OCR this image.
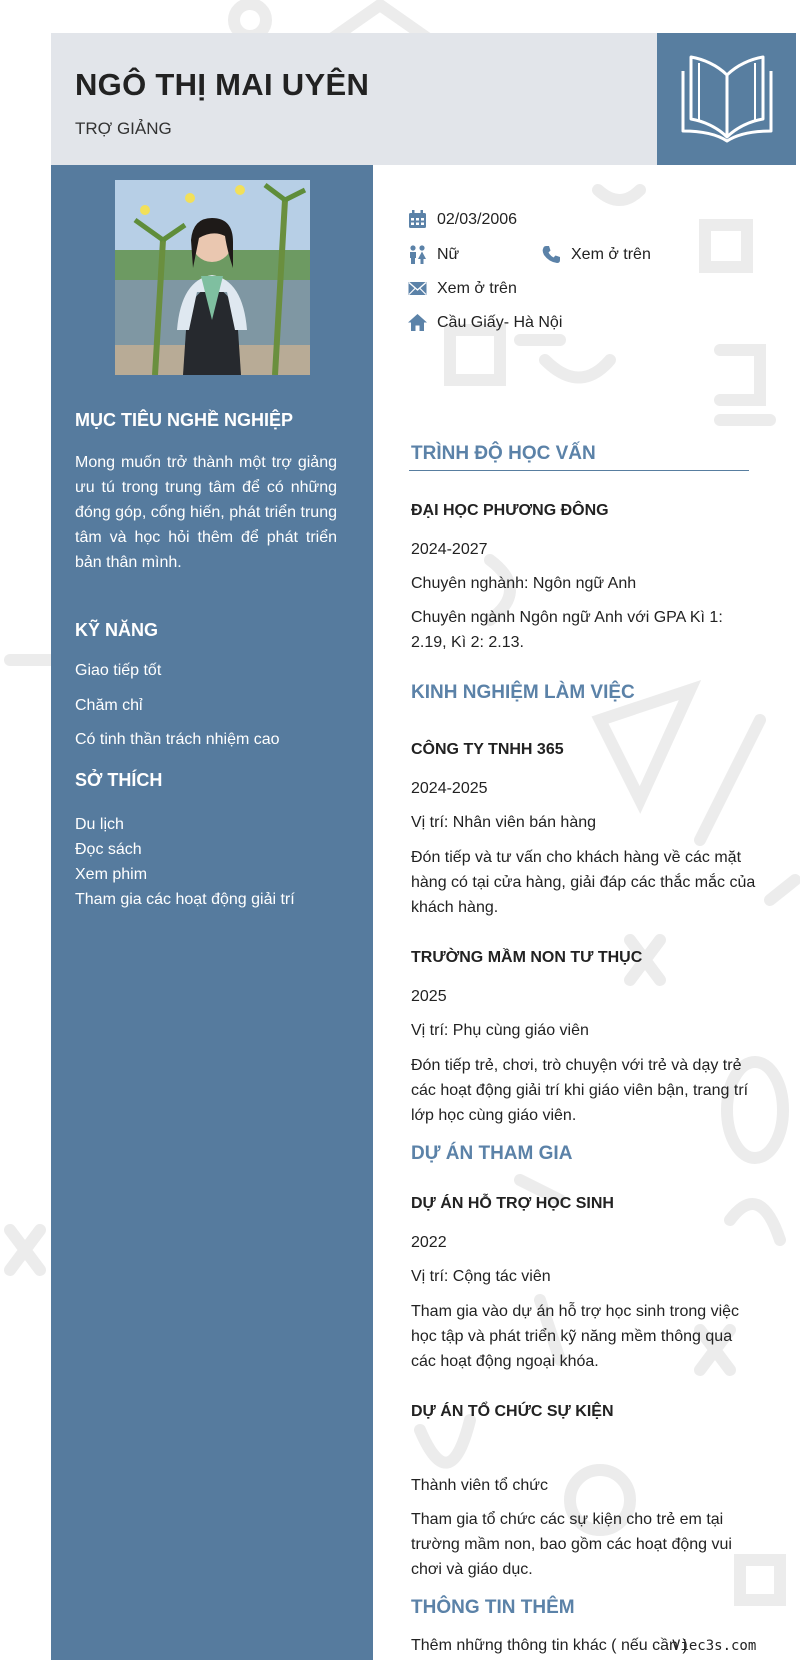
NGÔ THỊ MAI UYÊN
TRỢ GIẢNG
MỤC TIÊU NGHỀ NGHIỆP
Mong muốn trở thành một trợ giảng ưu tú trong trung tâm để có những đóng góp, cống hiến, phát triển trung tâm và học hỏi thêm để phát triển bản thân mình.
KỸ NĂNG
Giao tiếp tốt
Chăm chỉ
Có tinh thần trách nhiệm cao
SỞ THÍCH
Du lịch
Đọc sách
Xem phim
Tham gia các hoạt động giải trí
02/03/2006
Nữ	Xem ở trên
Xem ở trên
Cầu Giấy- Hà Nội
TRÌNH ĐỘ HỌC VẤN
ĐẠI HỌC PHƯƠNG ĐÔNG
2024-2027
Chuyên nghành: Ngôn ngữ Anh
Chuyên ngành Ngôn ngữ Anh với GPA Kì 1: 2.19, Kì 2: 2.13.
KINH NGHIỆM LÀM VIỆC
CÔNG TY TNHH 365
2024-2025
Vị trí: Nhân viên bán hàng
Đón tiếp và tư vấn cho khách hàng về các mặt hàng có tại cửa hàng, giải đáp các thắc mắc của khách hàng.
TRƯỜNG MẦM NON TƯ THỤC
2025
Vị trí: Phụ cùng giáo viên
Đón tiếp trẻ, chơi, trò chuyện với trẻ và dạy trẻ các hoạt động giải trí khi giáo viên bận, trang trí lớp học cùng giáo viên.
DỰ ÁN THAM GIA
DỰ ÁN HỖ TRỢ HỌC SINH
2022
Vị trí: Cộng tác viên
Tham gia vào dự án hỗ trợ học sinh trong việc học tập và phát triển kỹ năng mềm thông qua các hoạt động ngoại khóa.
DỰ ÁN TỔ CHỨC SỰ KIỆN
Thành viên tổ chức
Tham gia tổ chức các sự kiện cho trẻ em tại trường mầm non, bao gồm các hoạt động vui chơi và giáo dục.
THÔNG TIN THÊM
Thêm những thông tin khác ( nếu cần )
Viec3s.com
